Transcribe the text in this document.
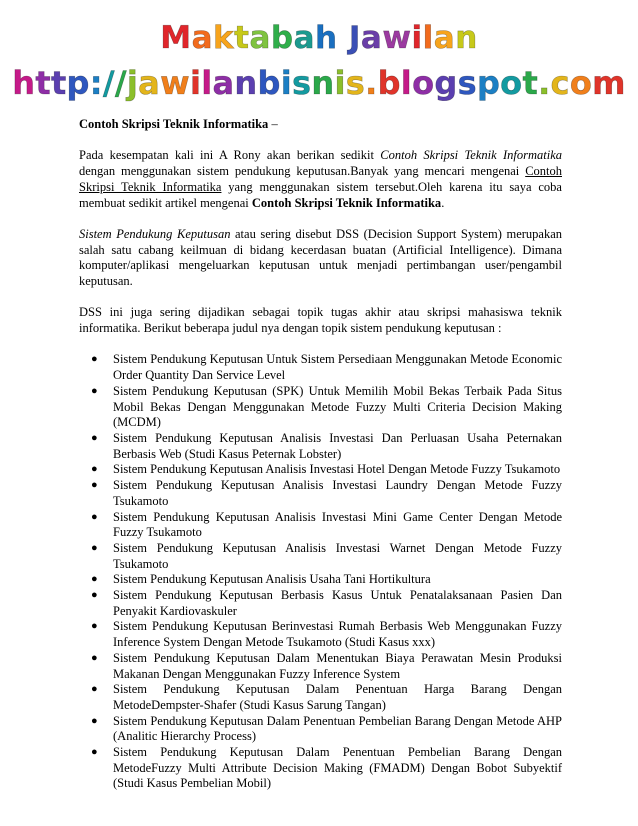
Maktabah Jawilan
http://jawilanbisnis.blogspot.com

Contoh Skripsi Teknik Informatika –

Pada kesempatan kali ini A Rony akan berikan sedikit Contoh Skripsi Teknik Informatika dengan menggunakan sistem pendukung keputusan.Banyak yang mencari mengenai Contoh Skripsi Teknik Informatika yang menggunakan sistem tersebut.Oleh karena itu saya coba membuat sedikit artikel mengenai Contoh Skripsi Teknik Informatika.

Sistem Pendukung Keputusan atau sering disebut DSS (Decision Support System) merupakan salah satu cabang keilmuan di bidang kecerdasan buatan (Artificial Intelligence). Dimana komputer/aplikasi mengeluarkan keputusan untuk menjadi pertimbangan user/pengambil keputusan.

DSS ini juga sering dijadikan sebagai topik tugas akhir atau skripsi mahasiswa teknik informatika. Berikut beberapa judul nya dengan topik sistem pendukung keputusan :

● Sistem Pendukung Keputusan Untuk Sistem Persediaan Menggunakan Metode Economic Order Quantity Dan Service Level
● Sistem Pendukung Keputusan (SPK) Untuk Memilih Mobil Bekas Terbaik Pada Situs Mobil Bekas Dengan Menggunakan Metode Fuzzy Multi Criteria Decision Making (MCDM)
● Sistem Pendukung Keputusan Analisis Investasi Dan Perluasan Usaha Peternakan Berbasis Web (Studi Kasus Peternak Lobster)
● Sistem Pendukung Keputusan Analisis Investasi Hotel Dengan Metode Fuzzy Tsukamoto
● Sistem Pendukung Keputusan Analisis Investasi Laundry Dengan Metode Fuzzy Tsukamoto
● Sistem Pendukung Keputusan Analisis Investasi Mini Game Center Dengan Metode Fuzzy Tsukamoto
● Sistem Pendukung Keputusan Analisis Investasi Warnet Dengan Metode Fuzzy Tsukamoto
● Sistem Pendukung Keputusan Analisis Usaha Tani Hortikultura
● Sistem Pendukung Keputusan Berbasis Kasus Untuk Penatalaksanaan Pasien Dan Penyakit Kardiovaskuler
● Sistem Pendukung Keputusan Berinvestasi Rumah Berbasis Web Menggunakan Fuzzy Inference System Dengan Metode Tsukamoto (Studi Kasus xxx)
● Sistem Pendukung Keputusan Dalam Menentukan Biaya Perawatan Mesin Produksi Makanan Dengan Menggunakan Fuzzy Inference System
● Sistem Pendukung Keputusan Dalam Penentuan Harga Barang Dengan MetodeDempster-Shafer (Studi Kasus Sarung Tangan)
● Sistem Pendukung Keputusan Dalam Penentuan Pembelian Barang Dengan Metode AHP (Analitic Hierarchy Process)
● Sistem Pendukung Keputusan Dalam Penentuan Pembelian Barang Dengan MetodeFuzzy Multi Attribute Decision Making (FMADM) Dengan Bobot Subyektif (Studi Kasus Pembelian Mobil)
